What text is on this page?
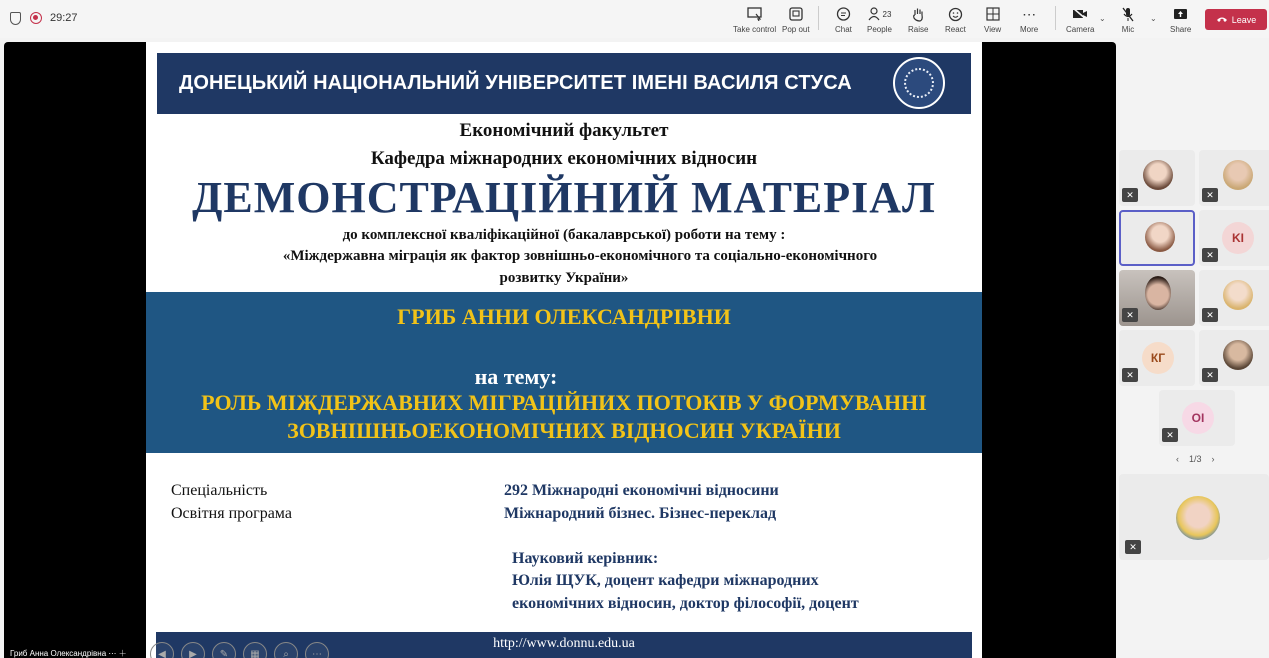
29:27
Take control Pop out	Chat
23
People Raise React View
⋯
More	Camera
⌄
Mic
⌄
Share
Leave
ДОНЕЦЬКИЙ НАЦІОНАЛЬНИЙ УНІВЕРСИТЕТ ІМЕНІ ВАСИЛЯ СТУСА
Економічний факультет
Кафедра міжнародних економічних відносин
ДЕМОНСТРАЦІЙНИЙ МАТЕРІАЛ
до комплексної кваліфікаційної (бакалаврської) роботи на тему :
«Міждержавна міграція як фактор зовнішньо-економічного та соціально-економічного
розвитку України»
ГРИБ АННИ ОЛЕКСАНДРІВНИ
на тему:
РОЛЬ МІЖДЕРЖАВНИХ МІГРАЦІЙНИХ ПОТОКІВ У ФОРМУВАННІ
ЗОВНІШНЬОЕКОНОМІЧНИХ ВІДНОСИН УКРАЇНИ
Спеціальність	292 Міжнародні економічні відносини
Освітня програма	Міжнародний бізнес. Бізнес-переклад
Науковий керівник:
Юлія ЩУК, доцент кафедри міжнародних
економічних відносин, доктор філософії, доцент
http://www.donnu.edu.ua
◀	▶	✎	▦	⌕	⋯
Гриб Анна Олександрівна ⋯ ＋
✕	✕
KI
✕
✕	✕
КГ
✕	✕
OI
✕
‹ 1/3 ›
✕
